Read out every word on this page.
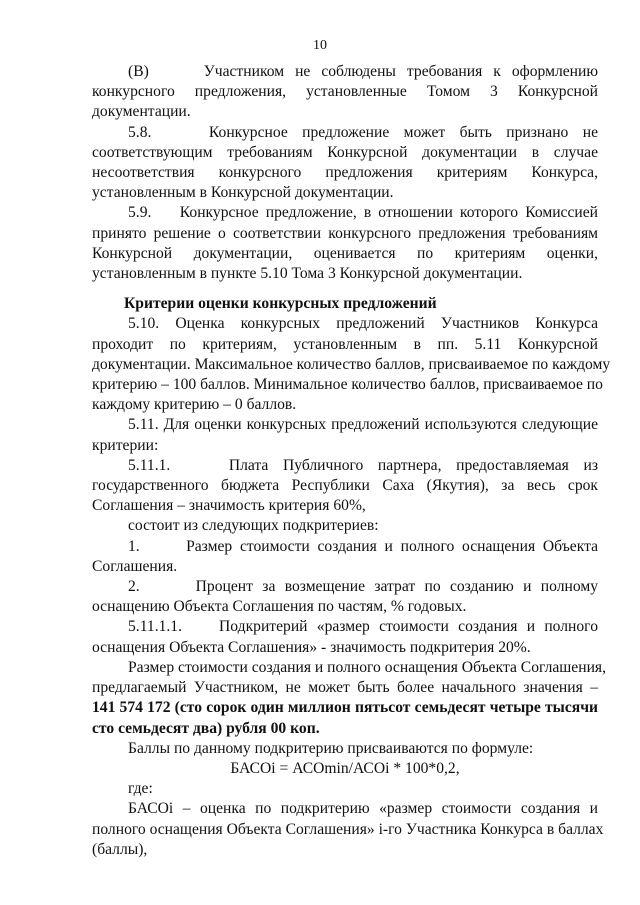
10
(B)     Участником не соблюдены требования к оформлению
конкурсного предложения, установленные Томом 3 Конкурсной
документации.
5.8.    Конкурсное предложение может быть признано не
соответствующим требованиям Конкурсной документации в случае
несоответствия конкурсного предложения критериям Конкурса,
установленным в Конкурсной документации.
5.9.    Конкурсное предложение, в отношении которого Комиссией
принято решение о соответствии конкурсного предложения требованиям
Конкурсной документации, оценивается по критериям оценки,
установленным в пункте 5.10 Тома 3 Конкурсной документации.
Критерии оценки конкурсных предложений
5.10. Оценка конкурсных предложений Участников Конкурса
проходит по критериям, установленным в пп. 5.11 Конкурсной
документации. Максимальное количество баллов, присваиваемое по каждому
критерию – 100 баллов. Минимальное количество баллов, присваиваемое по
каждому критерию – 0 баллов.
5.11. Для оценки конкурсных предложений используются следующие
критерии:
5.11.1.    Плата Публичного партнера, предоставляемая из
государственного бюджета Республики Саха (Якутия), за весь срок
Соглашения – значимость критерия 60%,
состоит из следующих подкритериев:
1.      Размер стоимости создания и полного оснащения Объекта
Соглашения.
2.      Процент за возмещение затрат по созданию и полному
оснащению Объекта Соглашения по частям, % годовых.
5.11.1.1.    Подкритерий «размер стоимости создания и полного
оснащения Объекта Соглашения» - значимость подкритерия 20%.
Размер стоимости создания и полного оснащения Объекта Соглашения,
предлагаемый Участником, не может быть более начального значения –
141 574 172 (сто сорок один миллион пятьсот семьдесят четыре тысячи
сто семьдесят два) рубля 00 коп.
Баллы по данному подкритерию присваиваются по формуле:
БАСОi = АСОmin/АСОi * 100*0,2,
где:
БАСОi – оценка по подкритерию «размер стоимости создания и
полного оснащения Объекта Соглашения» i-го Участника Конкурса в баллах
(баллы),
